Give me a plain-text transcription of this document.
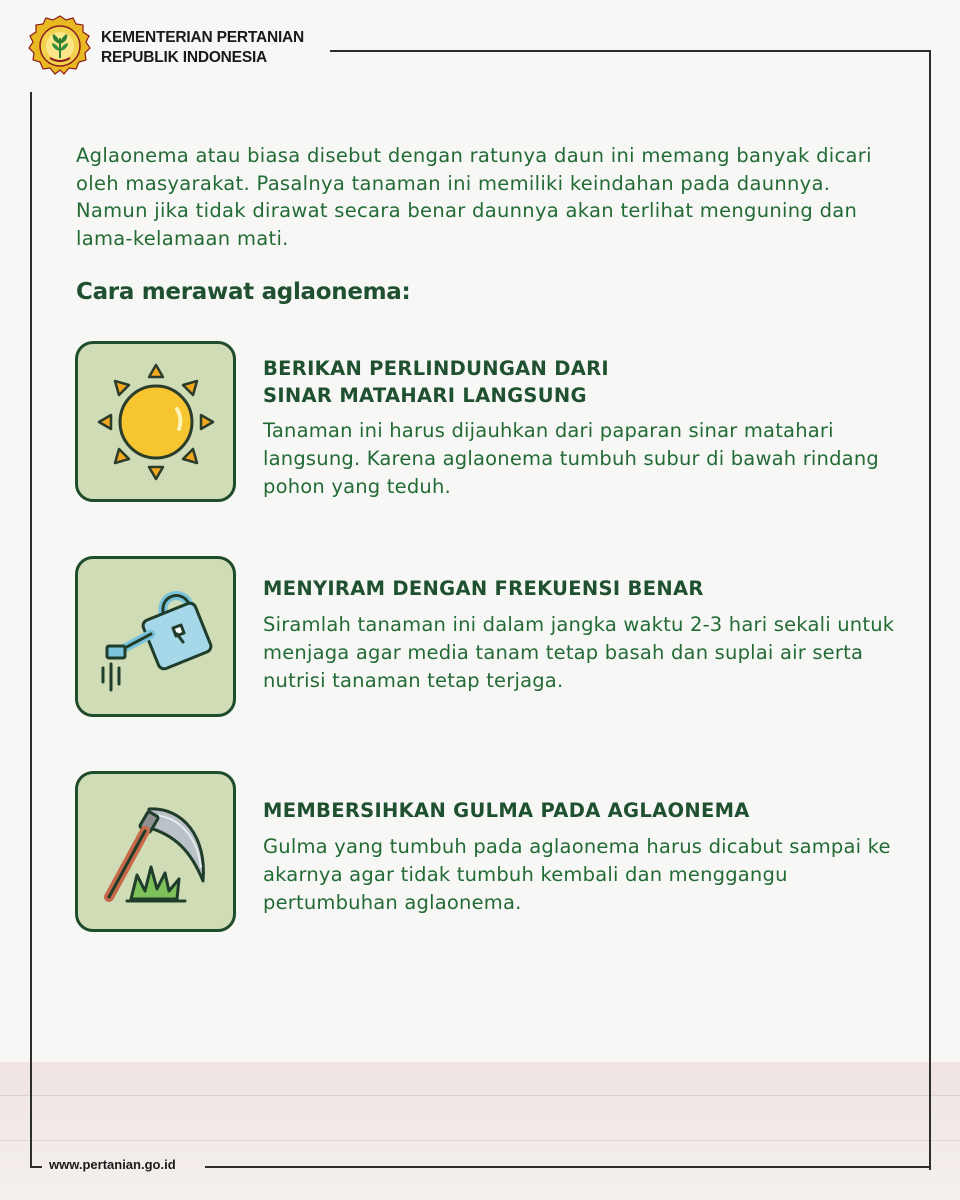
KEMENTERIAN PERTANIAN
REPUBLIK INDONESIA

Aglaonema atau biasa disebut dengan ratunya daun ini memang banyak dicari oleh masyarakat. Pasalnya tanaman ini memiliki keindahan pada daunnya. Namun jika tidak dirawat secara benar daunnya akan terlihat menguning dan lama-kelamaan mati.

Cara merawat aglaonema:
BERIKAN PERLINDUNGAN DARI
SINAR MATAHARI LANGSUNG

Tanaman ini harus dijauhkan dari paparan sinar matahari langsung. Karena aglaonema tumbuh subur di bawah rindang pohon yang teduh.

MENYIRAM DENGAN FREKUENSI BENAR

Siramlah tanaman ini dalam jangka waktu 2-3 hari sekali untuk menjaga agar media tanam tetap basah dan suplai air serta nutrisi tanaman tetap terjaga.

MEMBERSIHKAN GULMA PADA AGLAONEMA

Gulma yang tumbuh pada aglaonema harus dicabut sampai ke akarnya agar tidak tumbuh kembali dan menggangu pertumbuhan aglaonema.

www.pertanian.go.id
